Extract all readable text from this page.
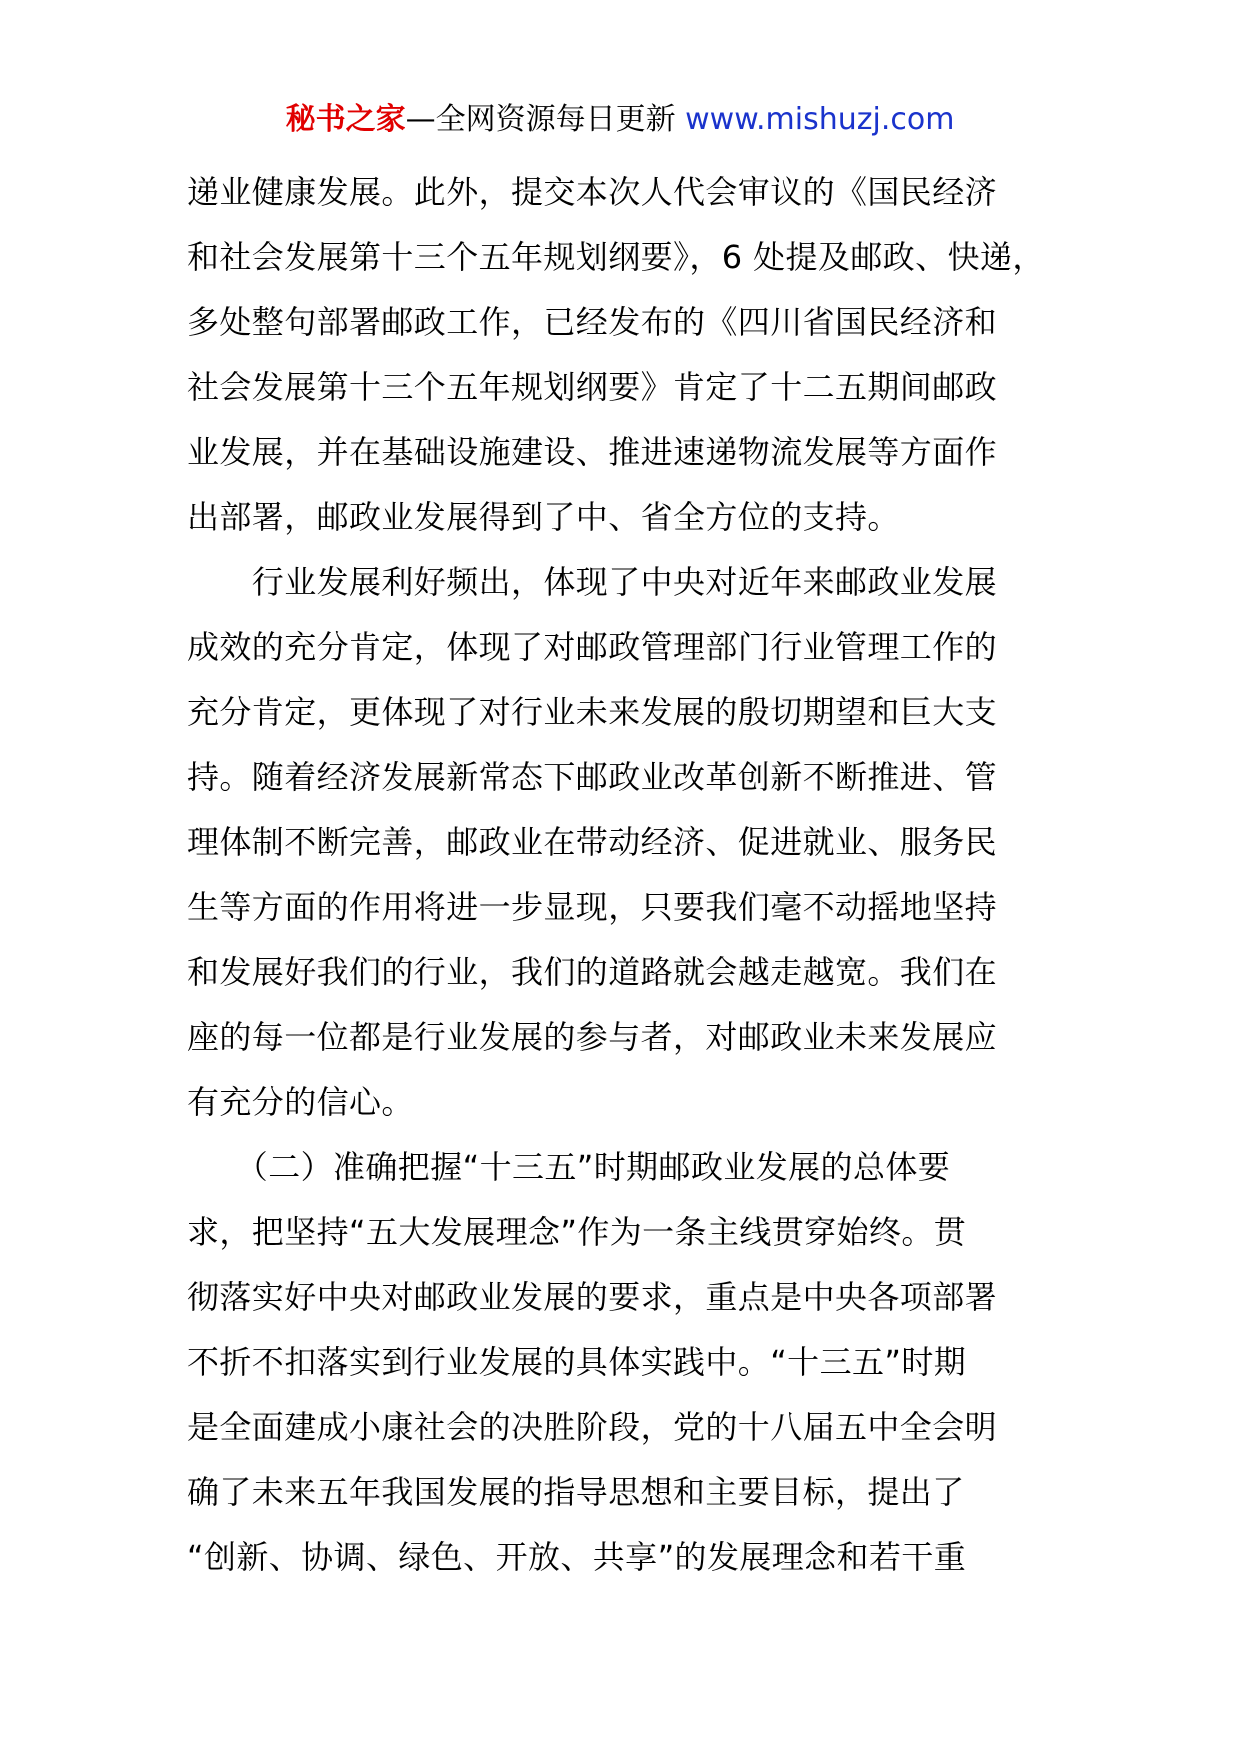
秘书之家—全网资源每日更新 www.mishuzj.com
递业健康发展。此外，提交本次人代会审议的《国民经济
和社会发展第十三个五年规划纲要》，6 处提及邮政、快递，
多处整句部署邮政工作，已经发布的《四川省国民经济和
社会发展第十三个五年规划纲要》肯定了十二五期间邮政
业发展，并在基础设施建设、推进速递物流发展等方面作
出部署，邮政业发展得到了中、省全方位的支持。
　　行业发展利好频出，体现了中央对近年来邮政业发展
成效的充分肯定，体现了对邮政管理部门行业管理工作的
充分肯定，更体现了对行业未来发展的殷切期望和巨大支
持。随着经济发展新常态下邮政业改革创新不断推进、管
理体制不断完善，邮政业在带动经济、促进就业、服务民
生等方面的作用将进一步显现，只要我们毫不动摇地坚持
和发展好我们的行业，我们的道路就会越走越宽。我们在
座的每一位都是行业发展的参与者，对邮政业未来发展应
有充分的信心。
　　（二）准确把握“十三五”时期邮政业发展的总体要
求，把坚持“五大发展理念”作为一条主线贯穿始终。贯
彻落实好中央对邮政业发展的要求，重点是中央各项部署
不折不扣落实到行业发展的具体实践中。“十三五”时期
是全面建成小康社会的决胜阶段，党的十八届五中全会明
确了未来五年我国发展的指导思想和主要目标，提出了
“创新、协调、绿色、开放、共享”的发展理念和若干重
